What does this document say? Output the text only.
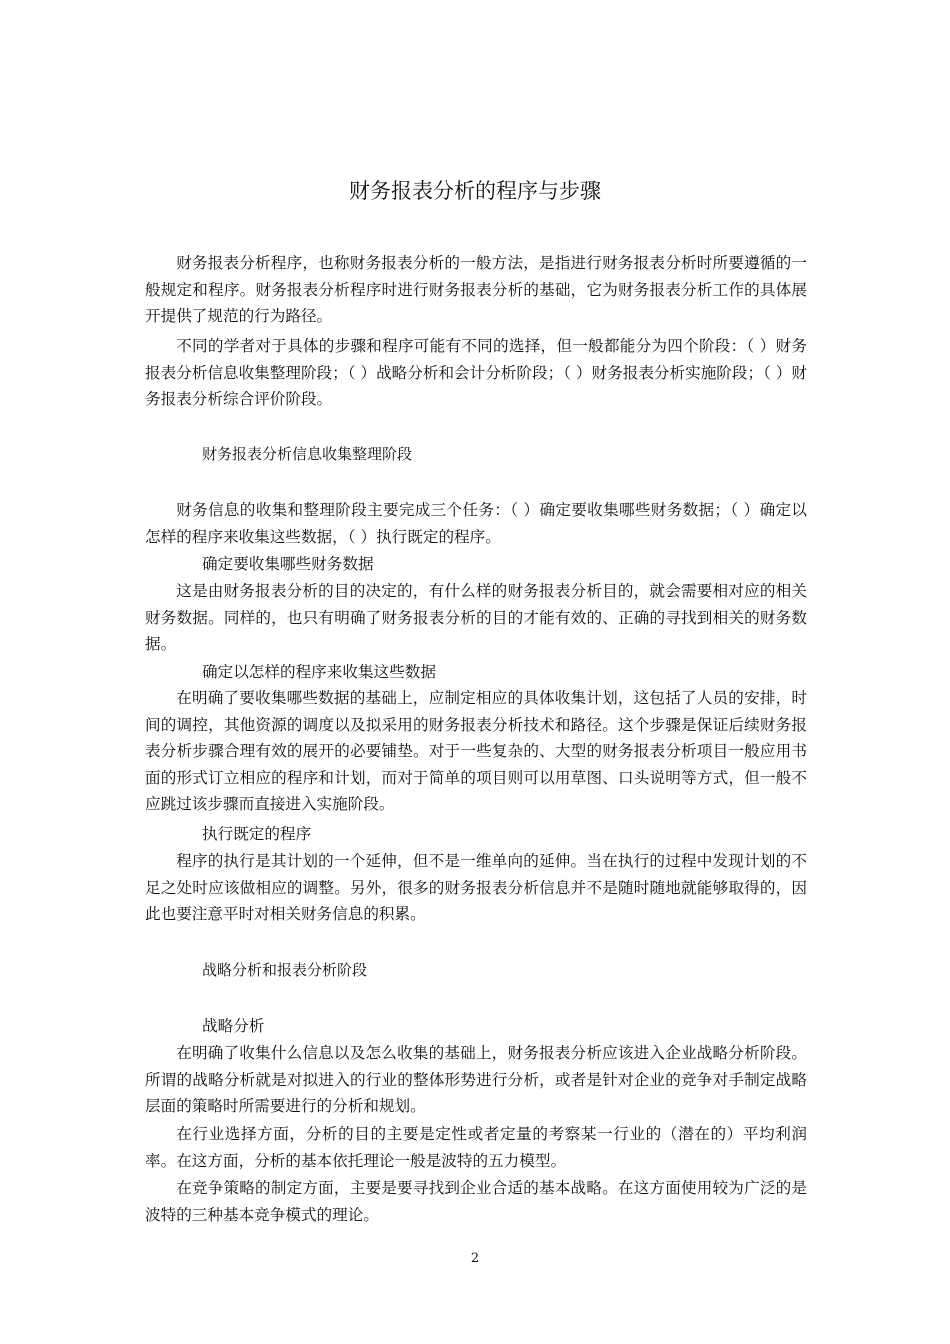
财务报表分析的程序与步骤

财务报表分析程序，也称财务报表分析的一般方法，是指进行财务报表分析时所要遵循的一般规定和程序。财务报表分析程序时进行财务报表分析的基础，它为财务报表分析工作的具体展开提供了规范的行为路径。

不同的学者对于具体的步骤和程序可能有不同的选择，但一般都能分为四个阶段：（ ）财务报表分析信息收集整理阶段；（ ）战略分析和会计分析阶段；（ ）财务报表分析实施阶段；（ ）财务报表分析综合评价阶段。

财务报表分析信息收集整理阶段

财务信息的收集和整理阶段主要完成三个任务：（ ）确定要收集哪些财务数据；（ ）确定以怎样的程序来收集这些数据，（ ）执行既定的程序。

确定要收集哪些财务数据

这是由财务报表分析的目的决定的，有什么样的财务报表分析目的，就会需要相对应的相关财务数据。同样的，也只有明确了财务报表分析的目的才能有效的、正确的寻找到相关的财务数据。

确定以怎样的程序来收集这些数据

在明确了要收集哪些数据的基础上，应制定相应的具体收集计划，这包括了人员的安排，时间的调控，其他资源的调度以及拟采用的财务报表分析技术和路径。这个步骤是保证后续财务报表分析步骤合理有效的展开的必要铺垫。对于一些复杂的、大型的财务报表分析项目一般应用书面的形式订立相应的程序和计划，而对于简单的项目则可以用草图、口头说明等方式，但一般不应跳过该步骤而直接进入实施阶段。

执行既定的程序

程序的执行是其计划的一个延伸，但不是一维单向的延伸。当在执行的过程中发现计划的不足之处时应该做相应的调整。另外，很多的财务报表分析信息并不是随时随地就能够取得的，因此也要注意平时对相关财务信息的积累。

战略分析和报表分析阶段
战略分析

在明确了收集什么信息以及怎么收集的基础上，财务报表分析应该进入企业战略分析阶段。所谓的战略分析就是对拟进入的行业的整体形势进行分析，或者是针对企业的竞争对手制定战略层面的策略时所需要进行的分析和规划。

在行业选择方面，分析的目的主要是定性或者定量的考察某一行业的（潜在的）平均利润率。在这方面，分析的基本依托理论一般是波特的五力模型。

在竞争策略的制定方面，主要是要寻找到企业合适的基本战略。在这方面使用较为广泛的是波特的三种基本竞争模式的理论。

2
